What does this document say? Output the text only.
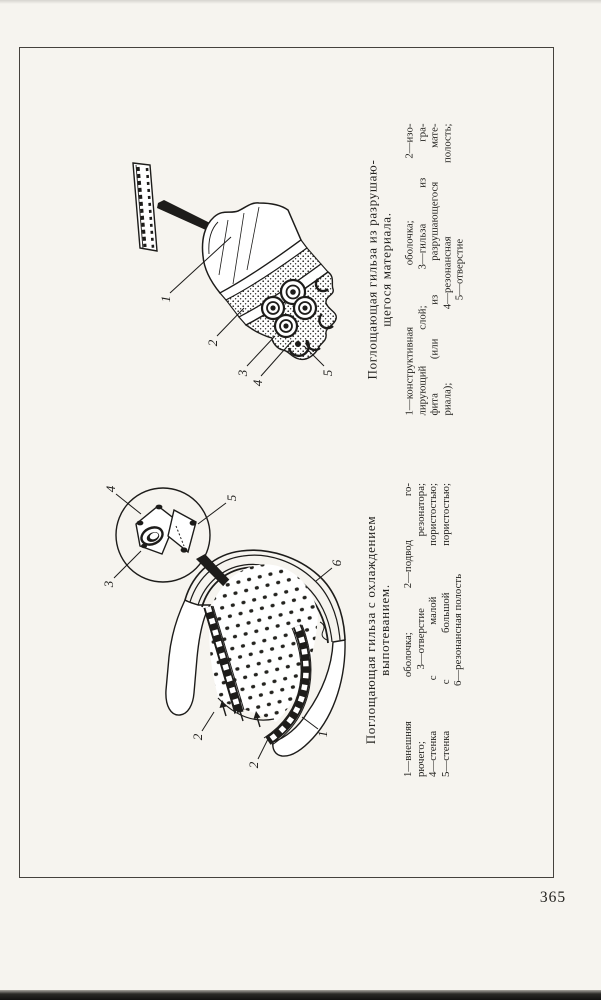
1
2
3
4
5 Поглощающая гильза из разрушаю- щегося материала. 1—конструктивная оболочка; 2—изо- лирующий слой; 3—гильза из гра- фита (или из разрушающегося мате- риала); 4—резонансная полость; 5—отверстие
4
5
3
6
2
2
1	Поглощающая гильза с охлаждением выпотеванием. 1—внешняя оболочка; 2—подвод го- рючего; 3—отверстие резонатора; 4—стенка с малой пористостью; 5—стенка с большой пористостью; 6—резонансная полость
365
